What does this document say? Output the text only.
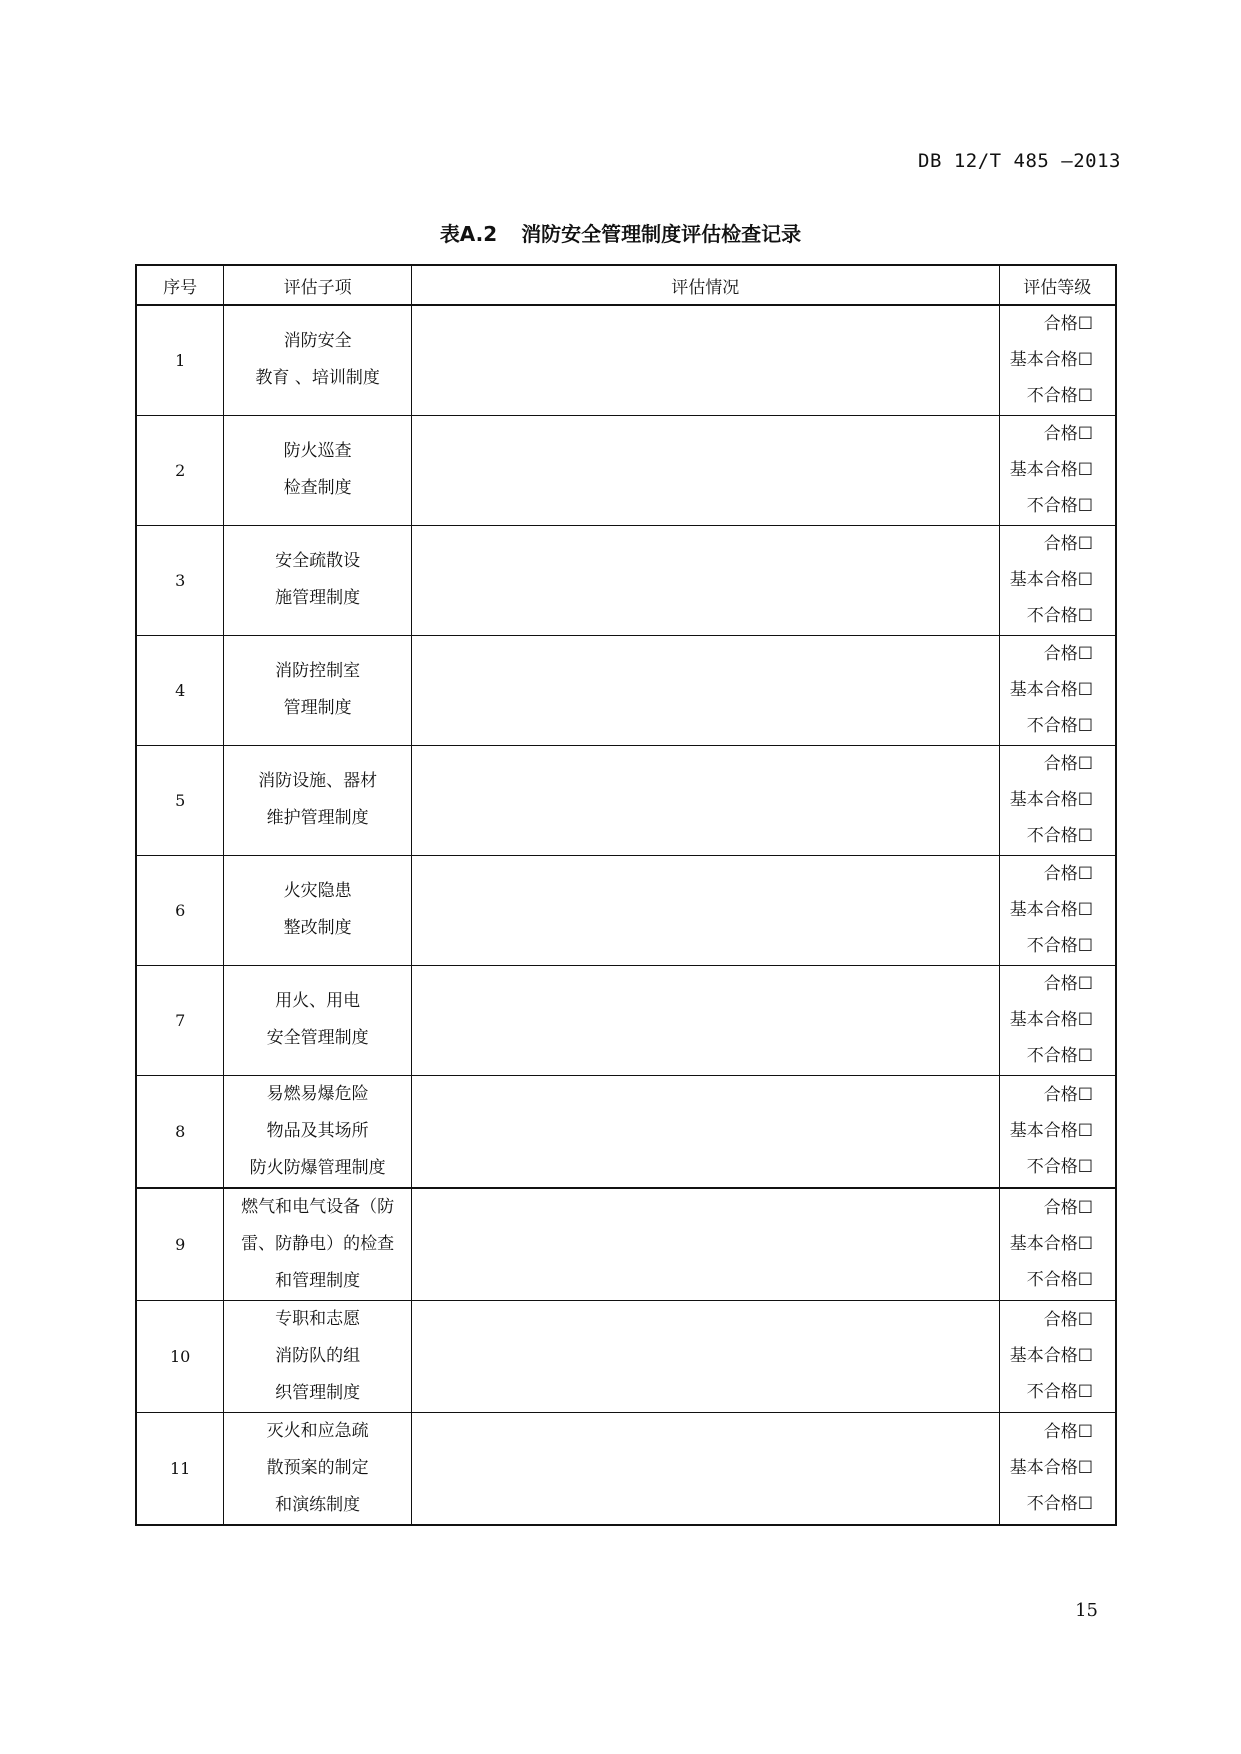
DB 12/T 485 —2013
表A.2 消防安全管理制度评估检查记录
序号	评估子项	评估情况	评估等级
1	消防安全
教育 、培训制度		合格☐
基本合格☐
不合格☐

2	防火巡查
检查制度		合格☐
基本合格☐
不合格☐

3	安全疏散设
施管理制度		合格☐
基本合格☐
不合格☐

4	消防控制室
管理制度		合格☐
基本合格☐
不合格☐

5	消防设施、器材
维护管理制度		合格☐
基本合格☐
不合格☐

6	火灾隐患
整改制度		合格☐
基本合格☐
不合格☐

7	用火、用电
安全管理制度		合格☐
基本合格☐
不合格☐

8	易燃易爆危险
物品及其场所
防火防爆管理制度		合格☐
基本合格☐
不合格☐

9	燃气和电气设备（防
雷、防静电）的检查
和管理制度		合格☐
基本合格☐
不合格☐

10	专职和志愿
消防队的组
织管理制度		合格☐
基本合格☐
不合格☐

11	灭火和应急疏
散预案的制定
和演练制度		合格☐
基本合格☐
不合格☐
15
